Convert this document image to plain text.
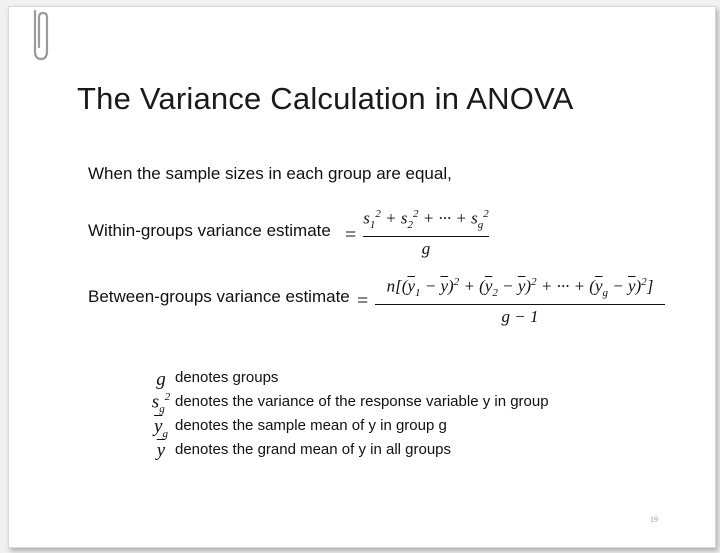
The Variance Calculation in ANOVA
When the sample sizes in each group are equal,
Within-groups variance estimate =
$s_1^2 + s_2^2$ + ··· + $s_g^2$
g
Between-groups variance estimate =
$n[(\overline{y}_1 - \overline{y})^2 + (\overline{y}_2 - \overline{y})^2$ + ··· + $(\overline{y}_g - \overline{y})^2$]
g − 1
g denotes groups
$s_g^2$ denotes the variance of the response variable y in group
$\overline{y}_g$ denotes the sample mean of y in group g
$\overline{y}$ denotes the grand mean of y in all groups
19
